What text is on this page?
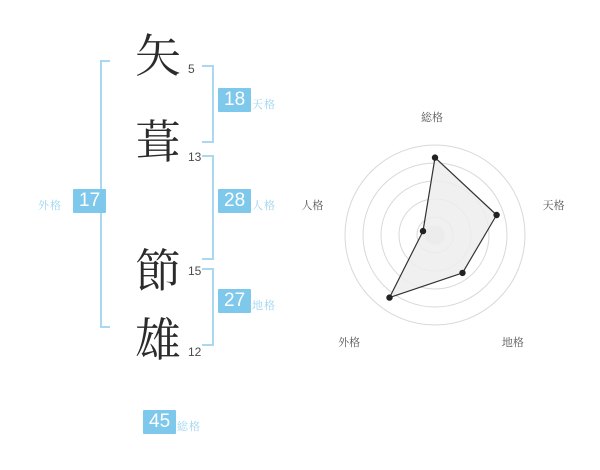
矢 5
葺 13
節 15
雄 12
外格 17
18 天格
28 人格
27 地格
45 総格
総格
天格
地格
外格
人格
